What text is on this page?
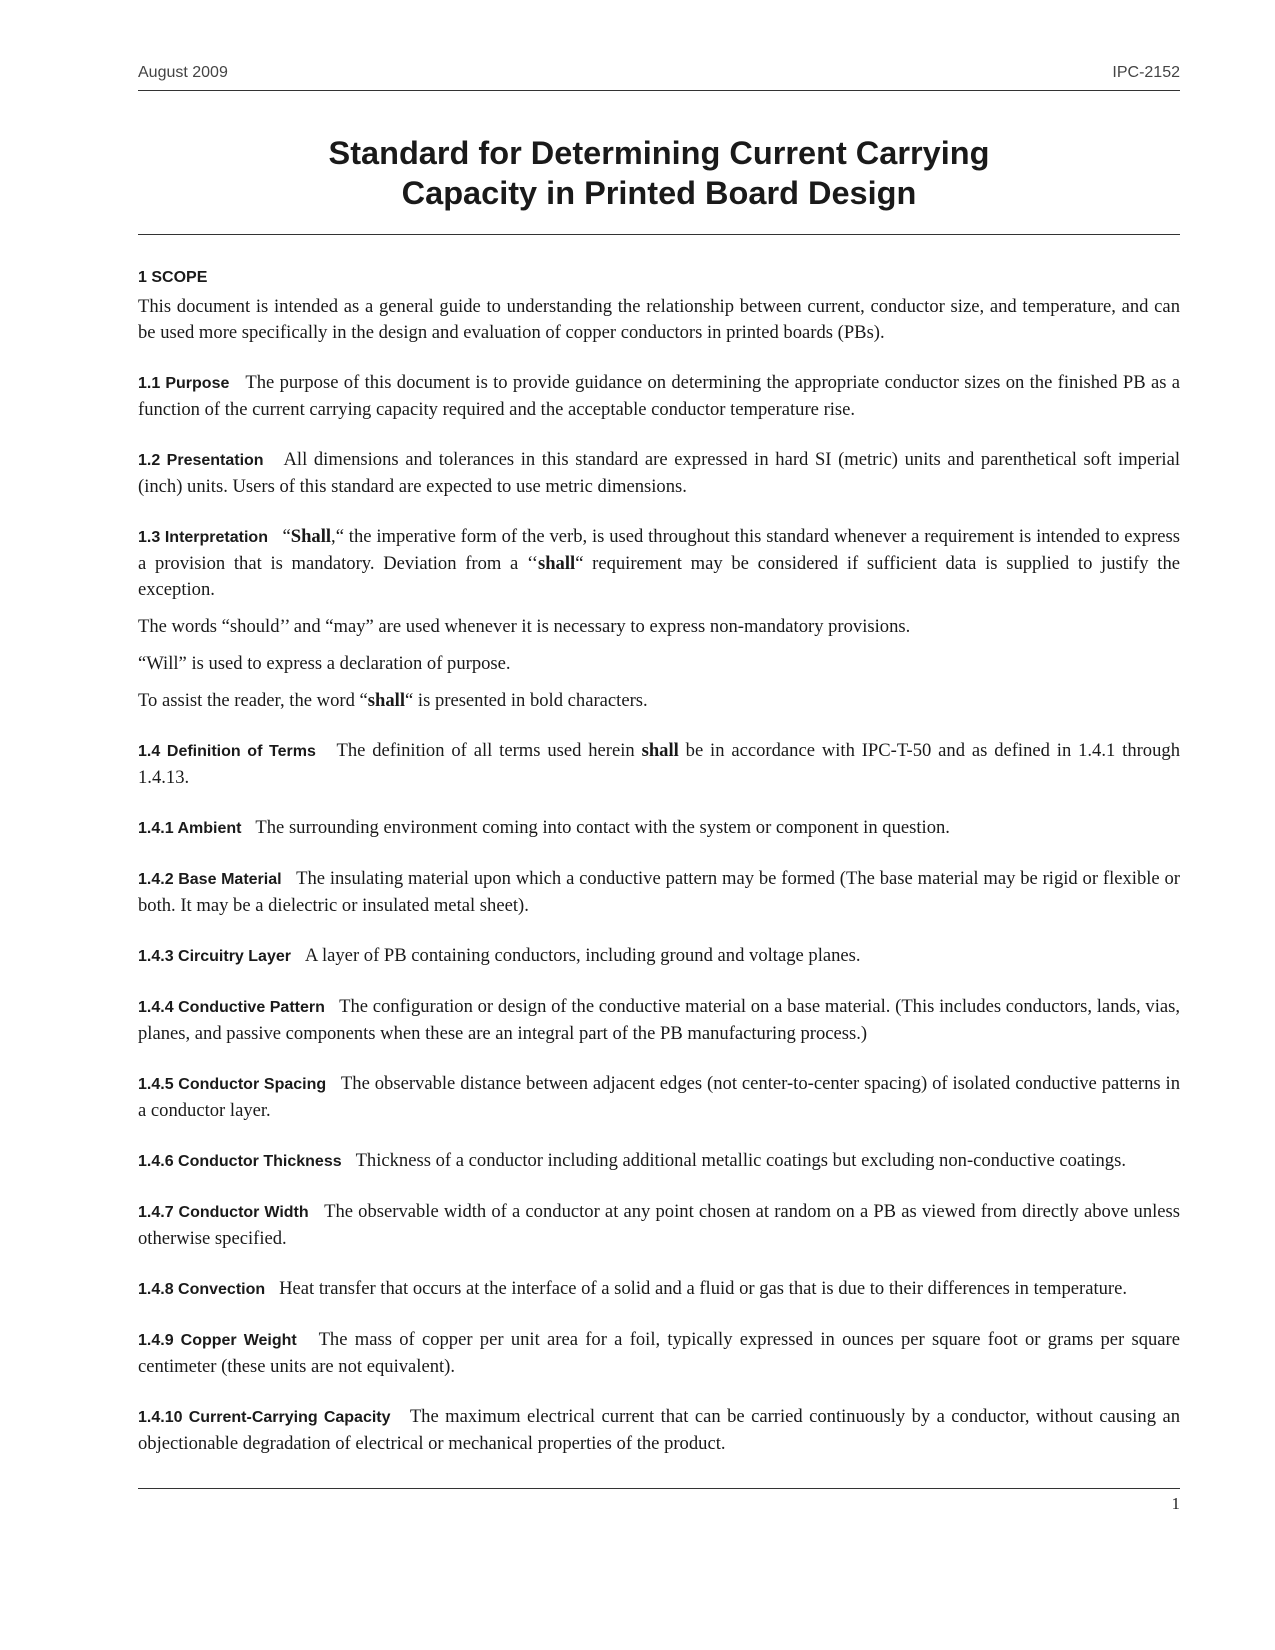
August 2009	IPC-2152
Standard for Determining Current Carrying
Capacity in Printed Board Design
1 SCOPE

This document is intended as a general guide to understanding the relationship between current, conductor size, and temperature, and can be used more specifically in the design and evaluation of copper conductors in printed boards (PBs).

1.1 Purpose The purpose of this document is to provide guidance on determining the appropriate conductor sizes on the finished PB as a function of the current carrying capacity required and the acceptable conductor temperature rise.

1.2 Presentation All dimensions and tolerances in this standard are expressed in hard SI (metric) units and parenthetical soft imperial (inch) units. Users of this standard are expected to use metric dimensions.

1.3 Interpretation “Shall,“ the imperative form of the verb, is used throughout this standard whenever a requirement is intended to express a provision that is mandatory. Deviation from a ‘‘shall“ requirement may be considered if sufficient data is supplied to justify the exception.

The words “should’’ and “may” are used whenever it is necessary to express non-mandatory provisions.

“Will” is used to express a declaration of purpose.

To assist the reader, the word “shall“ is presented in bold characters.

1.4 Definition of Terms The definition of all terms used herein shall be in accordance with IPC-T-50 and as defined in 1.4.1 through 1.4.13.

1.4.1 Ambient The surrounding environment coming into contact with the system or component in question.

1.4.2 Base Material The insulating material upon which a conductive pattern may be formed (The base material may be rigid or flexible or both. It may be a dielectric or insulated metal sheet).

1.4.3 Circuitry Layer A layer of PB containing conductors, including ground and voltage planes.

1.4.4 Conductive Pattern The configuration or design of the conductive material on a base material. (This includes conductors, lands, vias, planes, and passive components when these are an integral part of the PB manufacturing process.)

1.4.5 Conductor Spacing The observable distance between adjacent edges (not center-to-center spacing) of isolated conductive patterns in a conductor layer.

1.4.6 Conductor Thickness Thickness of a conductor including additional metallic coatings but excluding non-conductive coatings.

1.4.7 Conductor Width The observable width of a conductor at any point chosen at random on a PB as viewed from directly above unless otherwise specified.

1.4.8 Convection Heat transfer that occurs at the interface of a solid and a fluid or gas that is due to their differences in temperature.

1.4.9 Copper Weight The mass of copper per unit area for a foil, typically expressed in ounces per square foot or grams per square centimeter (these units are not equivalent).

1.4.10 Current-Carrying Capacity The maximum electrical current that can be carried continuously by a conductor, without causing an objectionable degradation of electrical or mechanical properties of the product.

1
